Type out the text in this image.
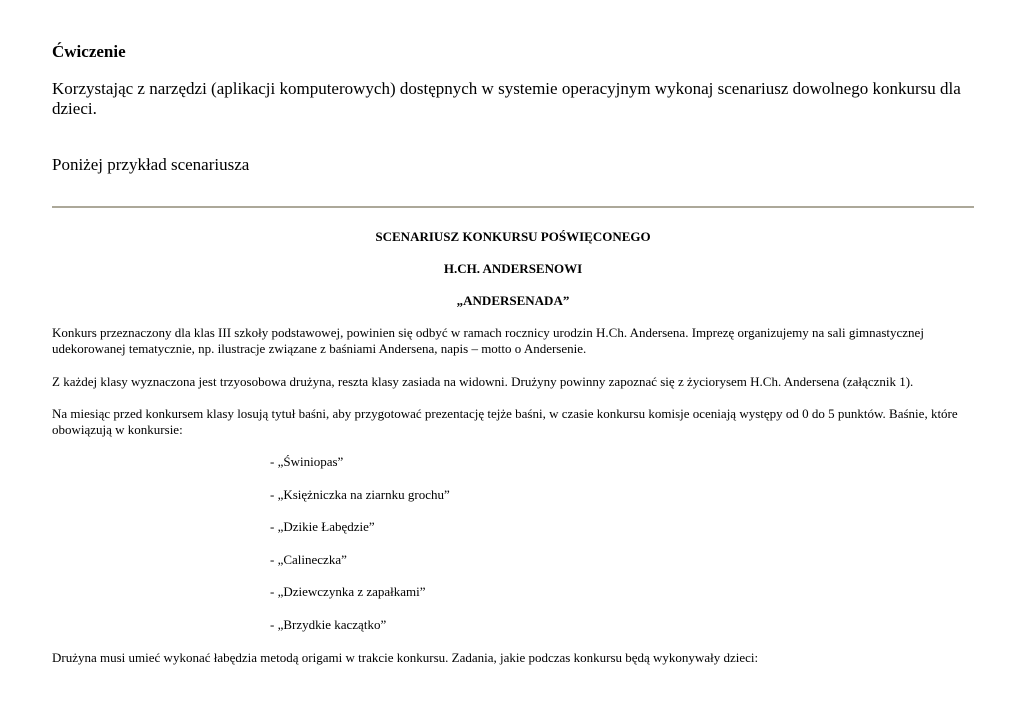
Ćwiczenie
Korzystając z narzędzi (aplikacji komputerowych) dostępnych w systemie operacyjnym wykonaj scenariusz dowolnego konkursu dla dzieci.
Poniżej przykład scenariusza
SCENARIUSZ KONKURSU POŚWIĘCONEGO
H.CH. ANDERSENOWI
„ANDERSENADA”
Konkurs przeznaczony dla klas III szkoły podstawowej, powinien się odbyć w ramach rocznicy urodzin H.Ch. Andersena. Imprezę organizujemy na sali gimnastycznej udekorowanej tematycznie, np. ilustracje związane z baśniami Andersena, napis – motto o Andersenie.
Z każdej klasy wyznaczona jest trzyosobowa drużyna, reszta klasy zasiada na widowni. Drużyny powinny zapoznać się z życiorysem H.Ch. Andersena (załącznik 1).
Na miesiąc przed konkursem klasy losują tytuł baśni, aby przygotować prezentację tejże baśni, w czasie konkursu komisje oceniają występy od 0 do 5 punktów. Baśnie, które obowiązują w konkursie:
- „Świniopas”
- „Księżniczka na ziarnku grochu”
- „Dzikie Łabędzie”
- „Calineczka”
- „Dziewczynka z zapałkami”
- „Brzydkie kaczątko”
Drużyna musi umieć wykonać łabędzia metodą origami w trakcie konkursu. Zadania, jakie podczas konkursu będą wykonywały dzieci:
